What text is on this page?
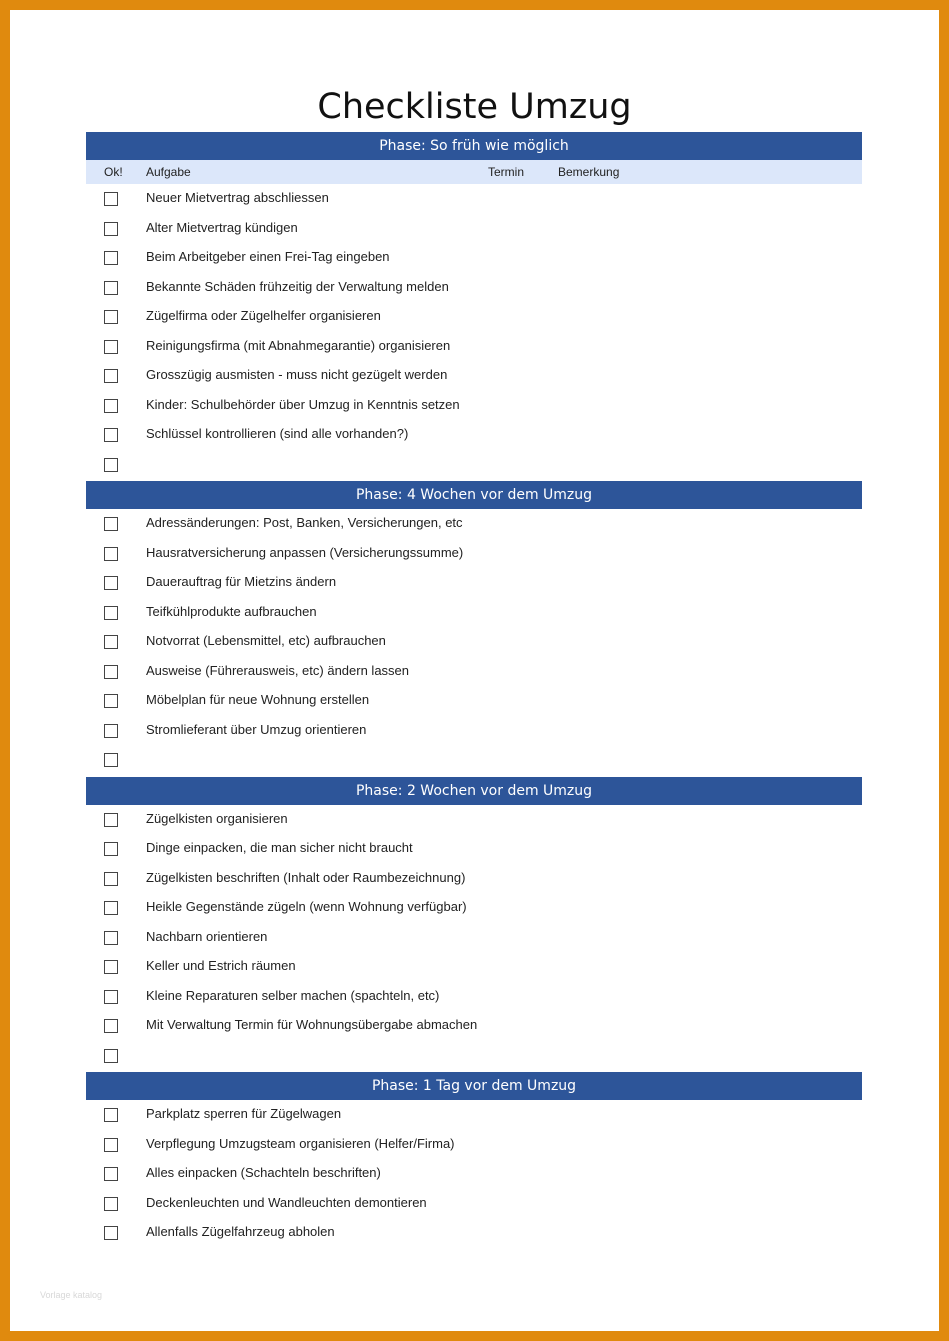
Checkliste Umzug
Phase: So früh wie möglich
Ok! Aufgabe	Termin	Bemerkung
Neuer Mietvertrag abschliessen
Alter Mietvertrag kündigen
Beim Arbeitgeber einen Frei-Tag eingeben
Bekannte Schäden frühzeitig der Verwaltung melden
Zügelfirma oder Zügelhelfer organisieren
Reinigungsfirma (mit Abnahmegarantie) organisieren
Grosszügig ausmisten - muss nicht gezügelt werden
Kinder: Schulbehörder über Umzug in Kenntnis setzen
Schlüssel kontrollieren (sind alle vorhanden?)
Phase: 4 Wochen vor dem Umzug
Adressänderungen: Post, Banken, Versicherungen, etc
Hausratversicherung anpassen (Versicherungssumme)
Dauerauftrag für Mietzins ändern
Teifkühlprodukte aufbrauchen
Notvorrat (Lebensmittel, etc) aufbrauchen
Ausweise (Führerausweis, etc) ändern lassen
Möbelplan für neue Wohnung erstellen
Stromlieferant über Umzug orientieren
Phase: 2 Wochen vor dem Umzug
Zügelkisten organisieren
Dinge einpacken, die man sicher nicht braucht
Zügelkisten beschriften (Inhalt oder Raumbezeichnung)
Heikle Gegenstände zügeln (wenn Wohnung verfügbar)
Nachbarn orientieren
Keller und Estrich räumen
Kleine Reparaturen selber machen (spachteln, etc)
Mit Verwaltung Termin für Wohnungsübergabe abmachen
Phase: 1 Tag vor dem Umzug
Parkplatz sperren für Zügelwagen
Verpflegung Umzugsteam organisieren (Helfer/Firma)
Alles einpacken (Schachteln beschriften)
Deckenleuchten und Wandleuchten demontieren
Allenfalls Zügelfahrzeug abholen
Vorlage katalog
